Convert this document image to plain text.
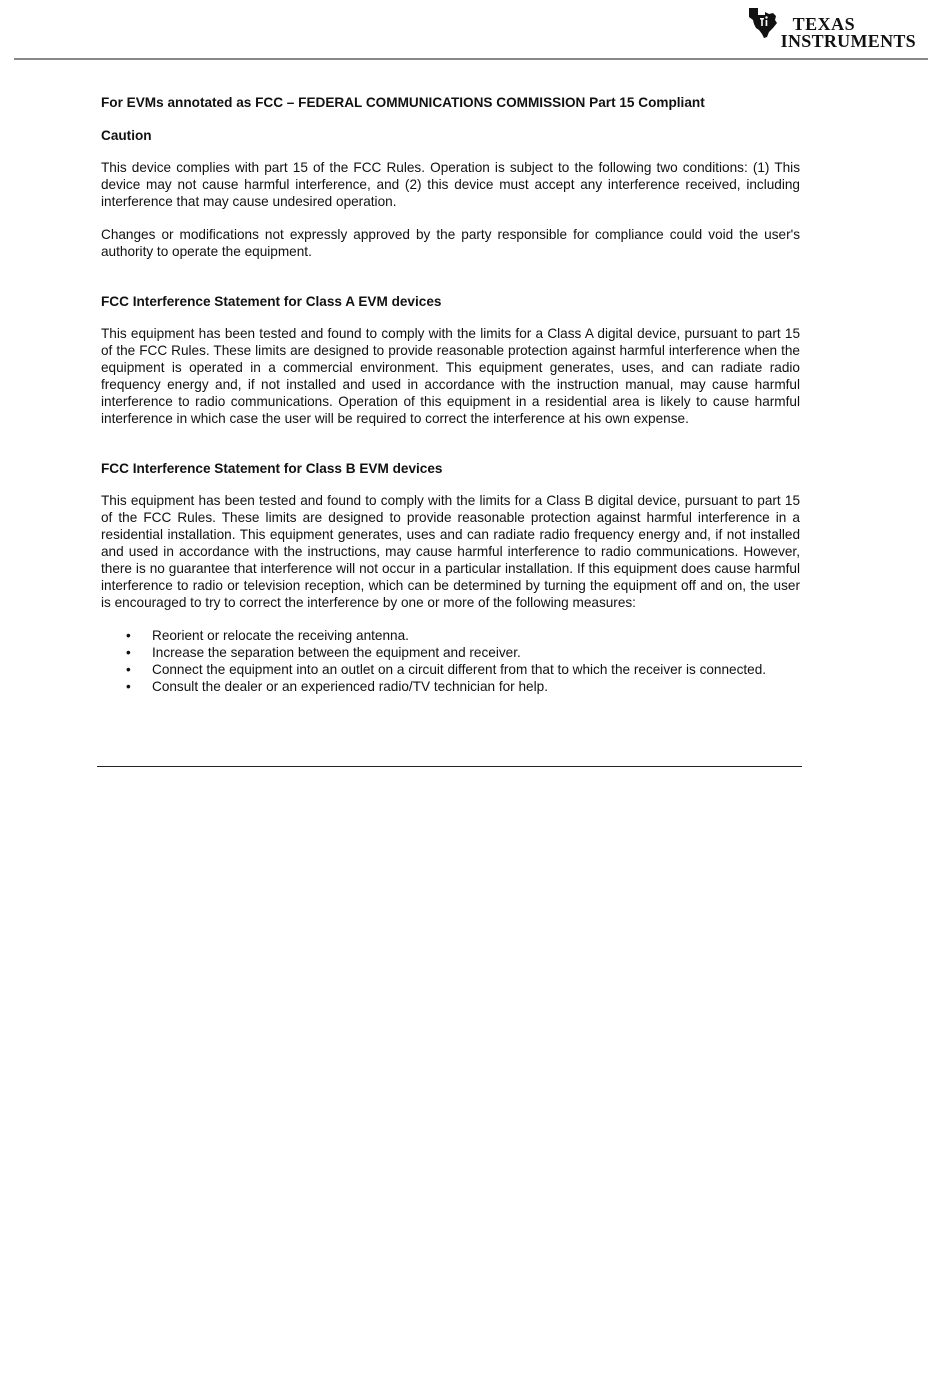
TEXAS
INSTRUMENTS

For EVMs annotated as FCC – FEDERAL COMMUNICATIONS COMMISSION Part 15 Compliant

Caution

This device complies with part 15 of the FCC Rules. Operation is subject to the following two conditions: (1) This device may not cause harmful interference, and (2) this device must accept any interference received, including interference that may cause undesired operation.

Changes or modifications not expressly approved by the party responsible for compliance could void the user's authority to operate the equipment.

FCC Interference Statement for Class A EVM devices

This equipment has been tested and found to comply with the limits for a Class A digital device, pursuant to part 15 of the FCC Rules. These limits are designed to provide reasonable protection against harmful interference when the equipment is operated in a commercial environment. This equipment generates, uses, and can radiate radio frequency energy and, if not installed and used in accordance with the instruction manual, may cause harmful interference to radio communications. Operation of this equipment in a residential area is likely to cause harmful interference in which case the user will be required to correct the interference at his own expense.

FCC Interference Statement for Class B EVM devices

This equipment has been tested and found to comply with the limits for a Class B digital device, pursuant to part 15 of the FCC Rules. These limits are designed to provide reasonable protection against harmful interference in a residential installation. This equipment generates, uses and can radiate radio frequency energy and, if not installed and used in accordance with the instructions, may cause harmful interference to radio communications. However, there is no guarantee that interference will not occur in a particular installation. If this equipment does cause harmful interference to radio or television reception, which can be determined by turning the equipment off and on, the user is encouraged to try to correct the interference by one or more of the following measures:

• Reorient or relocate the receiving antenna.
• Increase the separation between the equipment and receiver.
• Connect the equipment into an outlet on a circuit different from that to which the receiver is connected.
• Consult the dealer or an experienced radio/TV technician for help.
